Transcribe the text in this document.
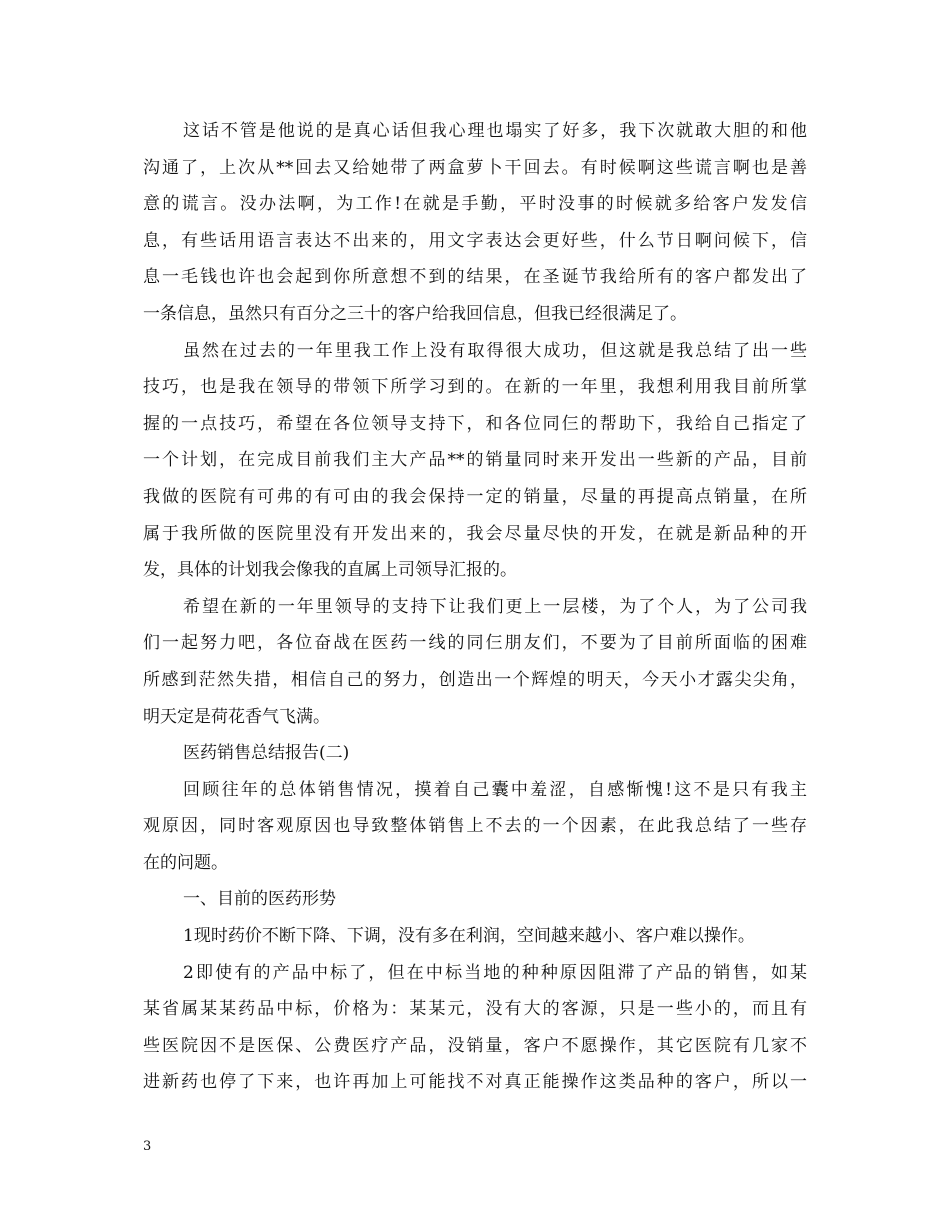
这话不管是他说的是真心话但我心理也塌实了好多，我下次就敢大胆的和他
沟通了，上次从**回去又给她带了两盒萝卜干回去。有时候啊这些谎言啊也是善
意的谎言。没办法啊，为工作!在就是手勤，平时没事的时候就多给客户发发信
息，有些话用语言表达不出来的，用文字表达会更好些，什么节日啊问候下，信
息一毛钱也许也会起到你所意想不到的结果，在圣诞节我给所有的客户都发出了
一条信息，虽然只有百分之三十的客户给我回信息，但我已经很满足了。
虽然在过去的一年里我工作上没有取得很大成功，但这就是我总结了出一些
技巧，也是我在领导的带领下所学习到的。在新的一年里，我想利用我目前所掌
握的一点技巧，希望在各位领导支持下，和各位同仨的帮助下，我给自己指定了
一个计划，在完成目前我们主大产品**的销量同时来开发出一些新的产品，目前
我做的医院有可弗的有可由的我会保持一定的销量，尽量的再提高点销量，在所
属于我所做的医院里没有开发出来的，我会尽量尽快的开发，在就是新品种的开
发，具体的计划我会像我的直属上司领导汇报的。
希望在新的一年里领导的支持下让我们更上一层楼，为了个人，为了公司我
们一起努力吧，各位奋战在医药一线的同仨朋友们，不要为了目前所面临的困难
所感到茫然失措，相信自己的努力，创造出一个辉煌的明天，今天小才露尖尖角，
明天定是荷花香气飞满。
医药销售总结报告(二)
回顾往年的总体销售情况，摸着自己囊中羞涩，自感惭愧!这不是只有我主
观原因，同时客观原因也导致整体销售上不去的一个因素，在此我总结了一些存
在的问题。
一、目前的医药形势
1现时药价不断下降、下调，没有多在利润，空间越来越小、客户难以操作。
2即使有的产品中标了，但在中标当地的种种原因阻滞了产品的销售，如某
某省属某某药品中标，价格为：某某元，没有大的客源，只是一些小的，而且有
些医院因不是医保、公费医疗产品，没销量，客户不愿操作，其它医院有几家不
进新药也停了下来，也许再加上可能找不对真正能操作这类品种的客户，所以一
3
